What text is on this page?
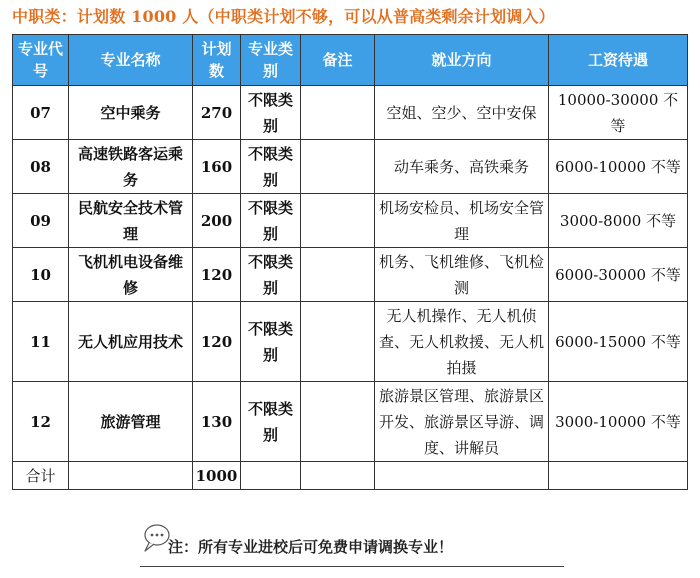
中职类：计划数 1000 人（中职类计划不够，可以从普高类剩余计划调入）
专业代号	专业名称	计划数	专业类别	备注	就业方向	工资待遇
07	空中乘务	270	不限类别		空姐、空少、空中安保	10000-30000 不等
08	高速铁路客运乘务	160	不限类别		动车乘务、高铁乘务	6000-10000 不等
09	民航安全技术管理	200	不限类别		机场安检员、机场安全管理	3000-8000 不等
10	飞机机电设备维修	120	不限类别		机务、飞机维修、飞机检测	6000-30000 不等
11	无人机应用技术	120	不限类别		无人机操作、无人机侦查、无人机救援、无人机拍摄	6000-15000 不等
12	旅游管理	130	不限类别		旅游景区管理、旅游景区开发、旅游景区导游、调度、讲解员	3000-10000 不等
合计		1000				
注：所有专业进校后可免费申请调换专业！
